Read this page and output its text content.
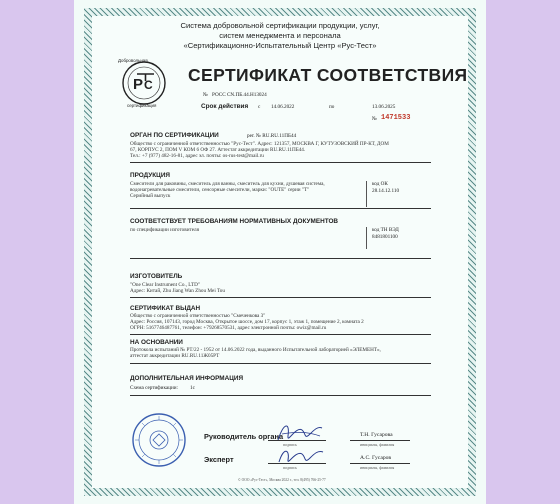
Система добровольной сертификации продукции, услуг,
систем менеджмента и персонала
«Сертификационно-Испытательный Центр «Рус-Тест»
Р С
Добровольная
сертификация
СЕРТИФИКАТ СООТВЕТСТВИЯ
№ РОСС CN.ПБ.44.Н13024
Срок действия с 14.06.2022	по	13.06.2025
№ 1471533
ОРГАН ПО СЕРТИФИКАЦИИ	рег. № RU.RU.11ПБ44
Общество с ограниченной ответственностью "Рус-Тест". Адрес: 121357, МОСКВА Г, КУТУЗОВСКИЙ ПР-КТ, ДОМ
67, КОРПУС 2, ПОМ V КОМ 6 ОФ 27. Аттестат аккредитации RU.RU.11ПБ44.
Тел.: +7 (977) 482-16-81, адрес эл. почты: os-rus-test@mail.ru
ПРОДУКЦИЯ
Смесители для раковины, смеситель для ванны, смеситель для кухни, душевая система,
водонагревательные смесители, сенсорные смесители, марки: "OUTE" серии "T"
Серийный выпуск
код ОК
28.14.12.110
СООТВЕТСТВУЕТ ТРЕБОВАНИЯМ НОРМАТИВНЫХ ДОКУМЕНТОВ
по спецификации изготовителя	код ТН ВЭД
8481801100
ИЗГОТОВИТЕЛЬ
"One Clear Instrument Co., LTD"
Адрес: Китай, Zhu Jiang Wan Zhou Mei Tou
СЕРТИФИКАТ ВЫДАН
Общество с ограниченной ответственностью "Смеченкова 3"
Адрес: Россия, 107143, город Москва, Открытое шоссе, дом 17, корпус 1, этаж 1, помещение 2, комната 2
ОГРН: 5167746487761, телефон: +79268570531, адрес электронной почты: owiz@mail.ru
НА ОСНОВАНИИ
Протокола испытаний № РТ/22 - 1952 от 14.06.2022 года, выданного Испытательной лабораторией «ЭЛЕМЕНТ»,
аттестат аккредитации RU.RU.11Ж05РТ
ДОПОЛНИТЕЛЬНАЯ ИНФОРМАЦИЯ
Схема сертификации: 1с
Руководитель органа	Т.Н. Гусарова
подпись	инициалы, фамилия
Эксперт	А.С. Гусаров
подпись	инициалы, фамилия
© ООО «Рус-Тест», Москва 2022 г., тел. 8(495) 766-25-77
